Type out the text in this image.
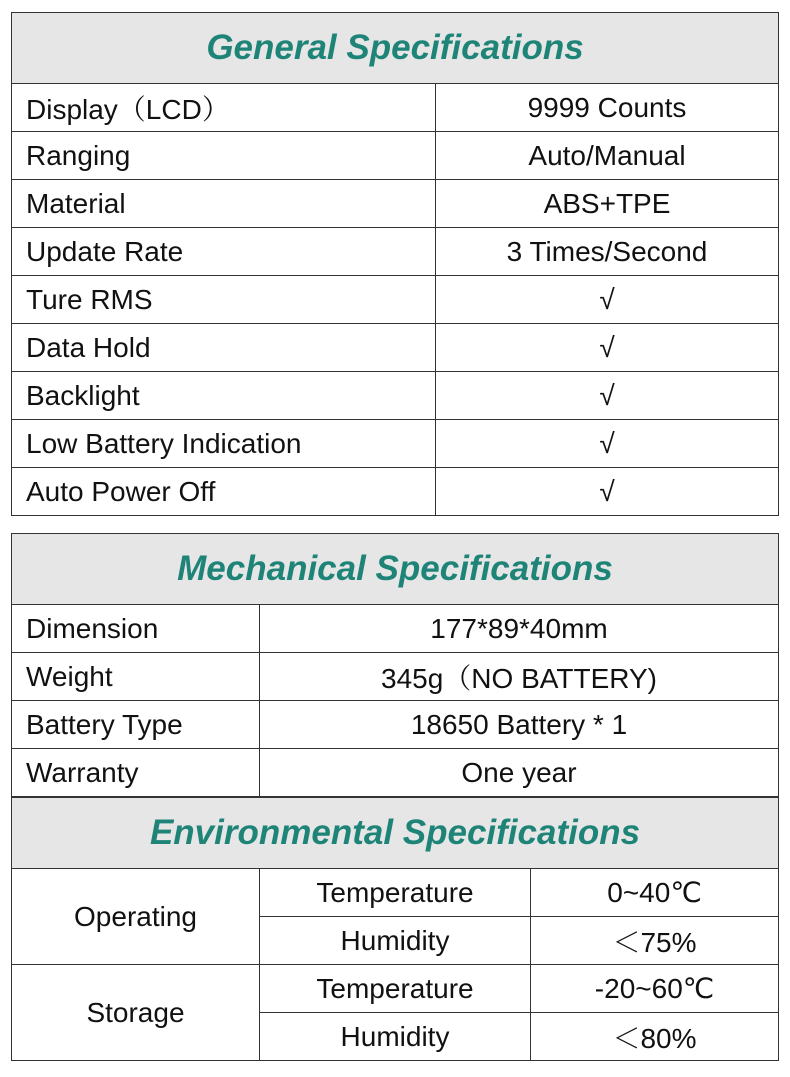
General Specifications	
Display（LCD）	9999 Counts
Ranging	Auto/Manual
Material	ABS+TPE
Update Rate	3 Times/Second
Ture RMS	√
Data Hold	√
Backlight	√
Low Battery Indication	√
Auto Power Off	√
Mechanical Specifications	
Dimension	177*89*40mm
Weight	345g（NO BATTERY)
Battery Type	18650 Battery * 1
Warranty	One year
Environmental Specifications		
Operating	Temperature	0~40℃
	Humidity	＜75%
Storage	Temperature	-20~60℃
	Humidity	＜80%
